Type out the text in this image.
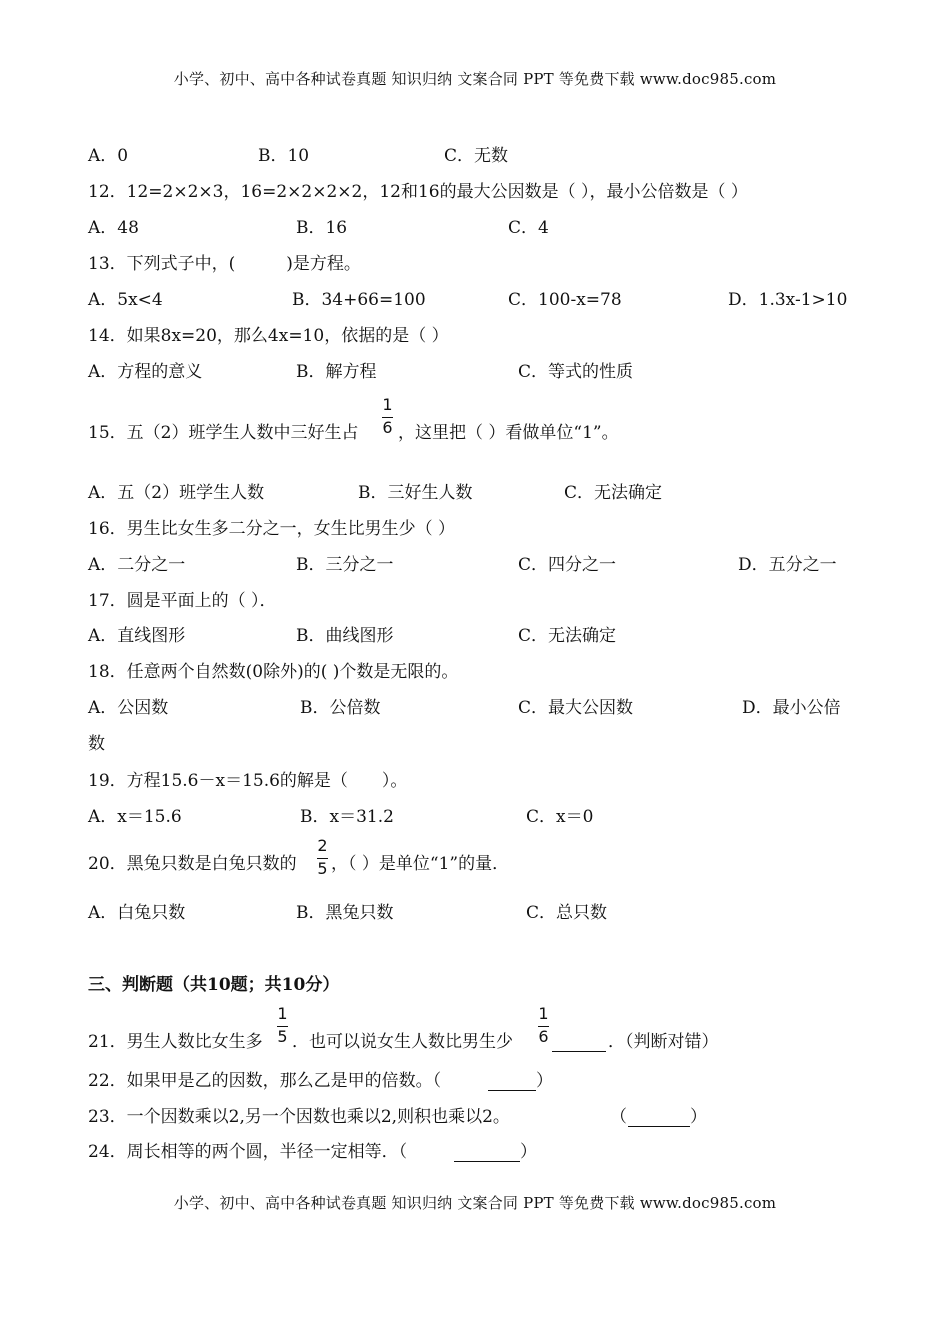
小学、初中、高中各种试卷真题 知识归纳 文案合同 PPT 等免费下载 www.doc985.com
A．0	B．10	C．无数
12．12=2×2×3，16=2×2×2×2，12和16的最大公因数是（ ），最小公倍数是（ ）
A．48	B．16	C．4
13．下列式子中，(　　　)是方程。
A．5x<4	B．34+66=100	C．100-x=78	D．1.3x-1>10
14．如果8x=20，那么4x=10，依据的是（ ）
A．方程的意义	B．解方程	C．等式的性质
15．五（2）班学生人数中三好生占
1
6 ，这里把（ ）看做单位“1”。
A．五（2）班学生人数	B．三好生人数	C．无法确定
16．男生比女生多二分之一，女生比男生少（ ）
A．二分之一	B．三分之一	C．四分之一	D．五分之一
17．圆是平面上的（ ）．
A．直线图形	B．曲线图形	C．无法确定
18．任意两个自然数(0除外)的( )个数是无限的。
A．公因数	B．公倍数	C．最大公因数	D．最小公倍
数
19．方程15.6－x＝15.6的解是（　　）。
A．x＝15.6	B．x＝31.2	C．x＝0
20．黑兔只数是白兔只数的
2
5 ，（ ）是单位“1”的量．
A．白兔只数	B．黑兔只数	C．总只数
三、判断题（共10题；共10分）
21．男生人数比女生多
1
5 ．也可以说女生人数比男生少
1
6	．（判断对错）
22．如果甲是乙的因数，那么乙是甲的倍数。（	）
23．一个因数乘以2,另一个因数也乘以2,则积也乘以2。	（	）
24．周长相等的两个圆，半径一定相等．（	）
小学、初中、高中各种试卷真题 知识归纳 文案合同 PPT 等免费下载 www.doc985.com
